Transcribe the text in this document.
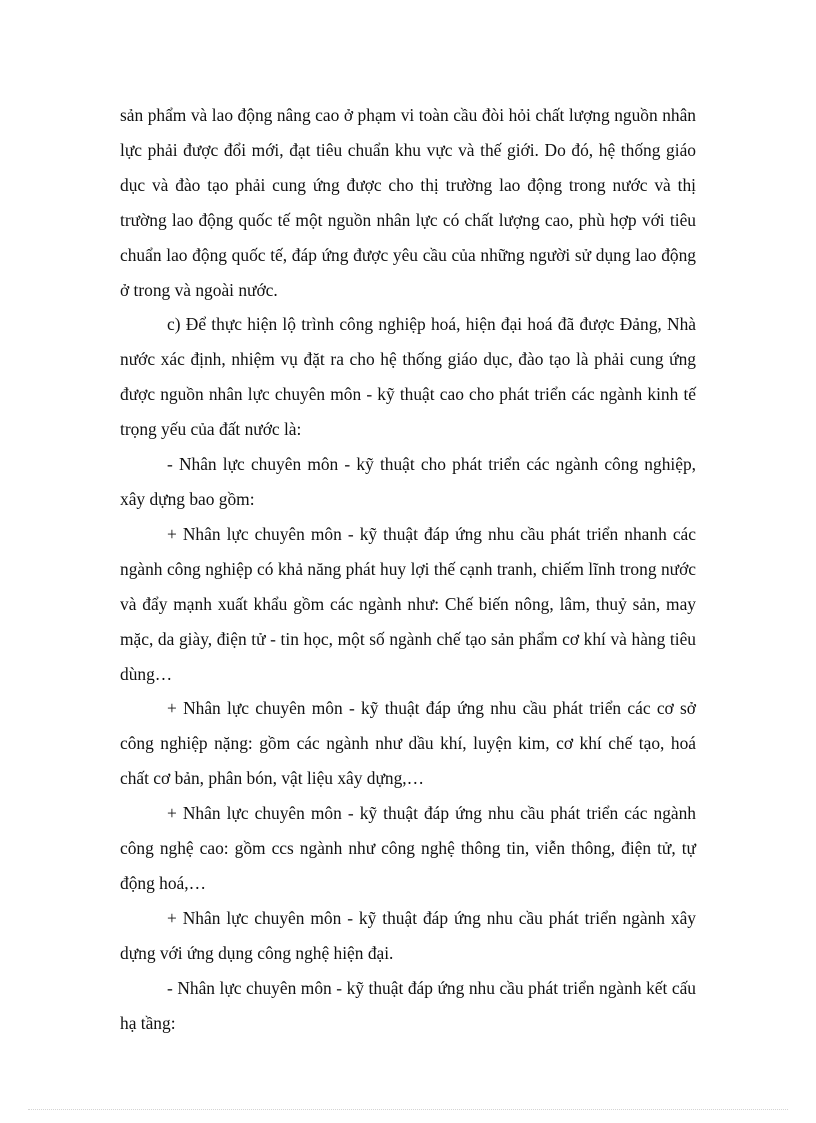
sản phẩm và lao động nâng cao ở phạm vi toàn cầu đòi hỏi chất lượng nguồn nhân lực phải được đổi mới, đạt tiêu chuẩn khu vực và thế giới. Do đó, hệ thống giáo dục và đào tạo phải cung ứng được cho thị trường lao động trong nước và thị trường lao động quốc tế một nguồn nhân lực có chất lượng cao, phù hợp với tiêu chuẩn lao động quốc tế, đáp ứng được yêu cầu của những người sử dụng lao động ở trong và ngoài nước.

c) Để thực hiện lộ trình công nghiệp hoá, hiện đại hoá đã được Đảng, Nhà nước xác định, nhiệm vụ đặt ra cho hệ thống giáo dục, đào tạo là phải cung ứng được nguồn nhân lực chuyên môn - kỹ thuật cao cho phát triển các ngành kinh tế trọng yếu của đất nước là:

- Nhân lực chuyên môn - kỹ thuật cho phát triển các ngành công nghiệp, xây dựng bao gồm:

+ Nhân lực chuyên môn - kỹ thuật đáp ứng nhu cầu phát triển nhanh các ngành công nghiệp có khả năng phát huy lợi thế cạnh tranh, chiếm lĩnh trong nước và đẩy mạnh xuất khẩu gồm các ngành như: Chế biến nông, lâm, thuỷ sản, may mặc, da giày, điện tử - tin học, một số ngành chế tạo sản phẩm cơ khí và hàng tiêu dùng…

+ Nhân lực chuyên môn - kỹ thuật đáp ứng nhu cầu phát triển các cơ sở công nghiệp nặng: gồm các ngành như dầu khí, luyện kim, cơ khí chế tạo, hoá chất cơ bản, phân bón, vật liệu xây dựng,…

+ Nhân lực chuyên môn - kỹ thuật đáp ứng nhu cầu phát triển các ngành công nghệ cao: gồm ccs ngành như công nghệ thông tin, viễn thông, điện tử, tự động hoá,…

+ Nhân lực chuyên môn - kỹ thuật đáp ứng nhu cầu phát triển ngành xây dựng với ứng dụng công nghệ hiện đại.

- Nhân lực chuyên môn - kỹ thuật đáp ứng nhu cầu phát triển ngành kết cấu hạ tầng:
